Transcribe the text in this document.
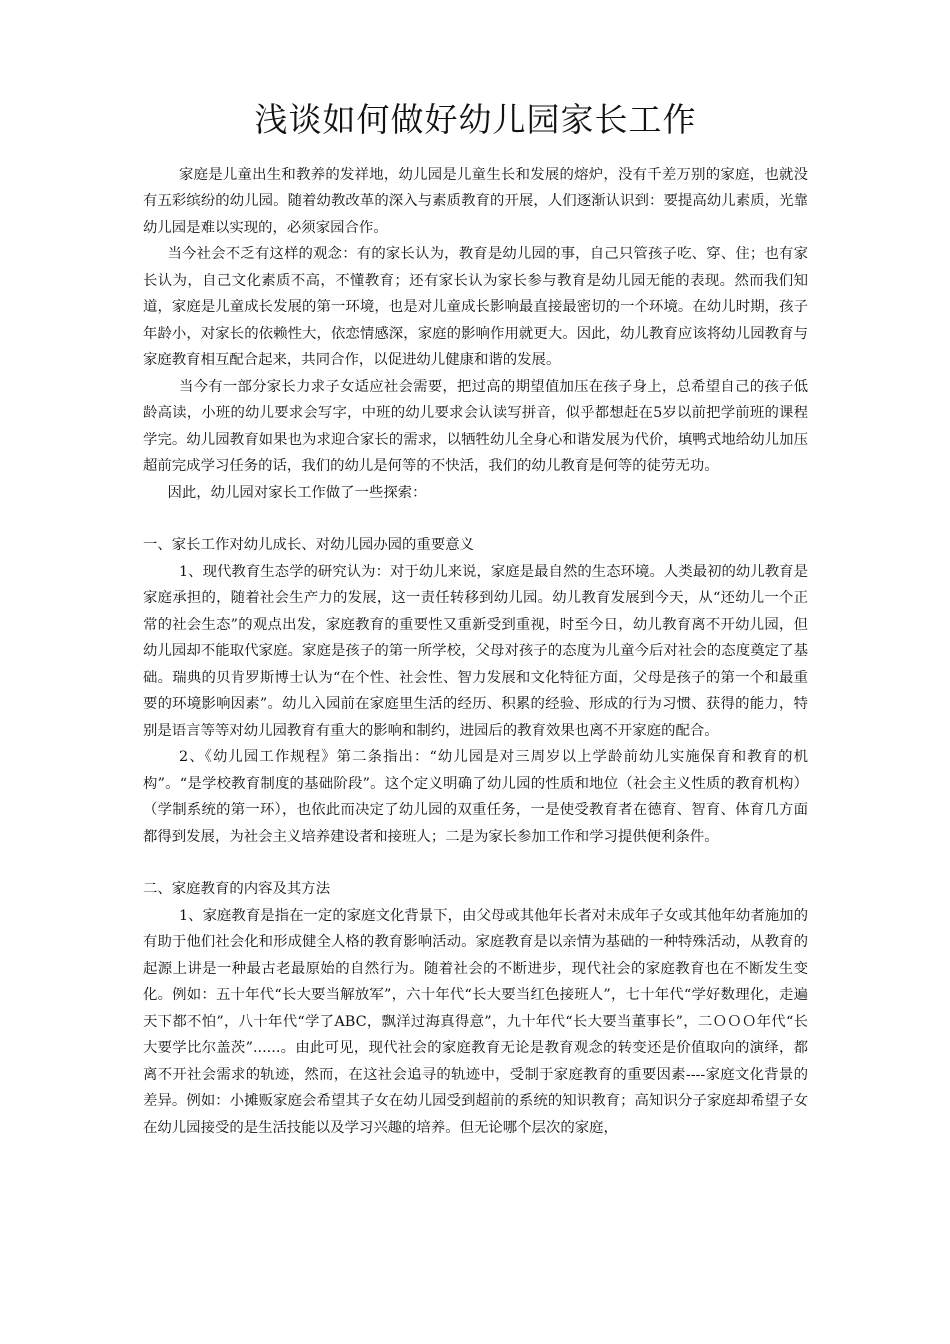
浅谈如何做好幼儿园家长工作

家庭是儿童出生和教养的发祥地，幼儿园是儿童生长和发展的熔炉，没有千差万别的家庭，也就没有五彩缤纷的幼儿园。随着幼教改革的深入与素质教育的开展，人们逐渐认识到：要提高幼儿素质，光靠幼儿园是难以实现的，必须家园合作。

当今社会不乏有这样的观念：有的家长认为，教育是幼儿园的事，自己只管孩子吃、穿、住；也有家长认为，自己文化素质不高，不懂教育；还有家长认为家长参与教育是幼儿园无能的表现。然而我们知道，家庭是儿童成长发展的第一环境，也是对儿童成长影响最直接最密切的一个环境。在幼儿时期，孩子年龄小，对家长的依赖性大，依恋情感深，家庭的影响作用就更大。因此，幼儿教育应该将幼儿园教育与家庭教育相互配合起来，共同合作，以促进幼儿健康和谐的发展。

当今有一部分家长力求子女适应社会需要，把过高的期望值加压在孩子身上，总希望自己的孩子低龄高读，小班的幼儿要求会写字，中班的幼儿要求会认读写拼音，似乎都想赶在5岁以前把学前班的课程学完。幼儿园教育如果也为求迎合家长的需求，以牺牲幼儿全身心和谐发展为代价，填鸭式地给幼儿加压超前完成学习任务的话，我们的幼儿是何等的不快活，我们的幼儿教育是何等的徒劳无功。

因此，幼儿园对家长工作做了一些探索：

一、家长工作对幼儿成长、对幼儿园办园的重要意义

1、现代教育生态学的研究认为：对于幼儿来说，家庭是最自然的生态环境。人类最初的幼儿教育是家庭承担的，随着社会生产力的发展，这一责任转移到幼儿园。幼儿教育发展到今天，从“还幼儿一个正常的社会生态”的观点出发，家庭教育的重要性又重新受到重视，时至今日，幼儿教育离不开幼儿园，但幼儿园却不能取代家庭。家庭是孩子的第一所学校，父母对孩子的态度为儿童今后对社会的态度奠定了基础。瑞典的贝肯罗斯博士认为“在个性、社会性、智力发展和文化特征方面，父母是孩子的第一个和最重要的环境影响因素”。幼儿入园前在家庭里生活的经历、积累的经验、形成的行为习惯、获得的能力，特别是语言等等对幼儿园教育有重大的影响和制约，进园后的教育效果也离不开家庭的配合。

2、《幼儿园工作规程》第二条指出：“幼儿园是对三周岁以上学龄前幼儿实施保育和教育的机构”。“是学校教育制度的基础阶段”。这个定义明确了幼儿园的性质和地位（社会主义性质的教育机构）（学制系统的第一环），也依此而决定了幼儿园的双重任务，一是使受教育者在德育、智育、体育几方面都得到发展，为社会主义培养建设者和接班人；二是为家长参加工作和学习提供便利条件。

二、家庭教育的内容及其方法

1、家庭教育是指在一定的家庭文化背景下，由父母或其他年长者对未成年子女或其他年幼者施加的有助于他们社会化和形成健全人格的教育影响活动。家庭教育是以亲情为基础的一种特殊活动，从教育的起源上讲是一种最古老最原始的自然行为。随着社会的不断进步，现代社会的家庭教育也在不断发生变化。例如：五十年代“长大要当解放军”，六十年代“长大要当红色接班人”，七十年代“学好数理化，走遍天下都不怕”，八十年代“学了ABC，飘洋过海真得意”，九十年代“长大要当董事长”，二ＯＯＯ年代“长大要学比尔盖茨”......。由此可见，现代社会的家庭教育无论是教育观念的转变还是价值取向的演绎，都离不开社会需求的轨迹，然而，在这社会追寻的轨迹中，受制于家庭教育的重要因素----家庭文化背景的差异。例如：小摊贩家庭会希望其子女在幼儿园受到超前的系统的知识教育；高知识分子家庭却希望子女在幼儿园接受的是生活技能以及学习兴趣的培养。但无论哪个层次的家庭，
